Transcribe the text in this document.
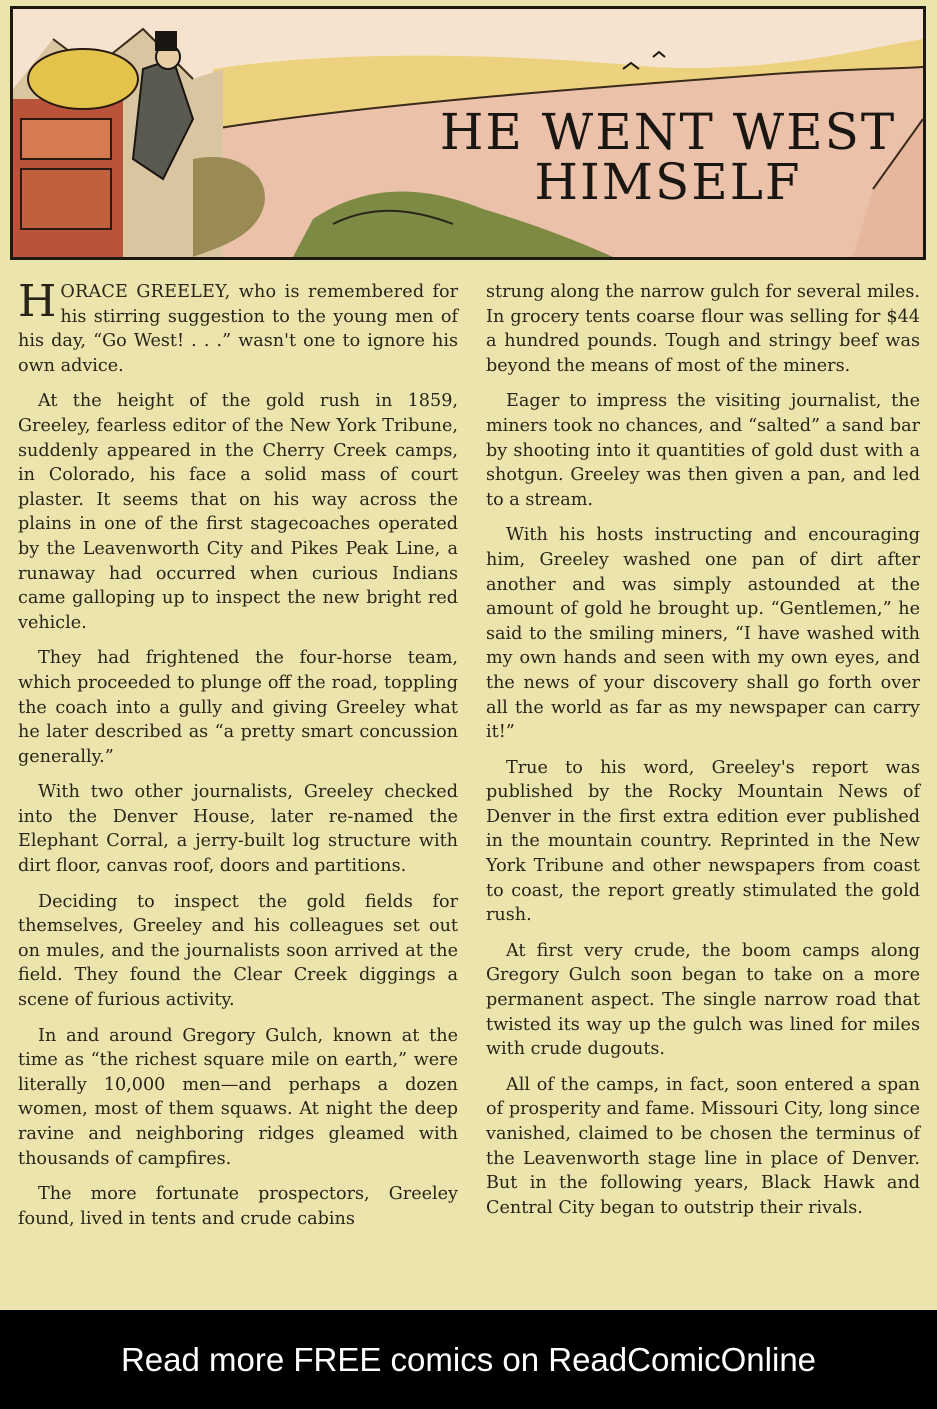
HE WENT WEST
HIMSELF

HORACE GREELEY, who is remembered for his stirring suggestion to the young men of his day, “Go West! . . .” wasn't one to ignore his own advice.

At the height of the gold rush in 1859, Greeley, fearless editor of the New York Tribune, suddenly appeared in the Cherry Creek camps, in Colorado, his face a solid mass of court plaster. It seems that on his way across the plains in one of the first stagecoaches operated by the Leavenworth City and Pikes Peak Line, a runaway had occurred when curious Indians came galloping up to inspect the new bright red vehicle.

They had frightened the four-horse team, which proceeded to plunge off the road, toppling the coach into a gully and giving Greeley what he later described as “a pretty smart concussion generally.”

With two other journalists, Greeley checked into the Denver House, later re-named the Elephant Corral, a jerry-built log structure with dirt floor, canvas roof, doors and partitions.

Deciding to inspect the gold fields for themselves, Greeley and his colleagues set out on mules, and the journalists soon arrived at the field. They found the Clear Creek diggings a scene of furious activity.

In and around Gregory Gulch, known at the time as “the richest square mile on earth,” were literally 10,000 men—and perhaps a dozen women, most of them squaws. At night the deep ravine and neighboring ridges gleamed with thousands of campfires.

The more fortunate prospectors, Greeley found, lived in tents and crude cabins

strung along the narrow gulch for several miles. In grocery tents coarse flour was selling for $44 a hundred pounds. Tough and stringy beef was beyond the means of most of the miners.

Eager to impress the visiting journalist, the miners took no chances, and “salted” a sand bar by shooting into it quantities of gold dust with a shotgun. Greeley was then given a pan, and led to a stream.

With his hosts instructing and encouraging him, Greeley washed one pan of dirt after another and was simply astounded at the amount of gold he brought up. “Gentlemen,” he said to the smiling miners, “I have washed with my own hands and seen with my own eyes, and the news of your discovery shall go forth over all the world as far as my newspaper can carry it!”

True to his word, Greeley's report was published by the Rocky Mountain News of Denver in the first extra edition ever published in the mountain country. Reprinted in the New York Tribune and other newspapers from coast to coast, the report greatly stimulated the gold rush.

At first very crude, the boom camps along Gregory Gulch soon began to take on a more permanent aspect. The single narrow road that twisted its way up the gulch was lined for miles with crude dugouts.

All of the camps, in fact, soon entered a span of prosperity and fame. Missouri City, long since vanished, claimed to be chosen the terminus of the Leavenworth stage line in place of Denver. But in the following years, Black Hawk and Central City began to outstrip their rivals.

Read more FREE comics on ReadComicOnline
